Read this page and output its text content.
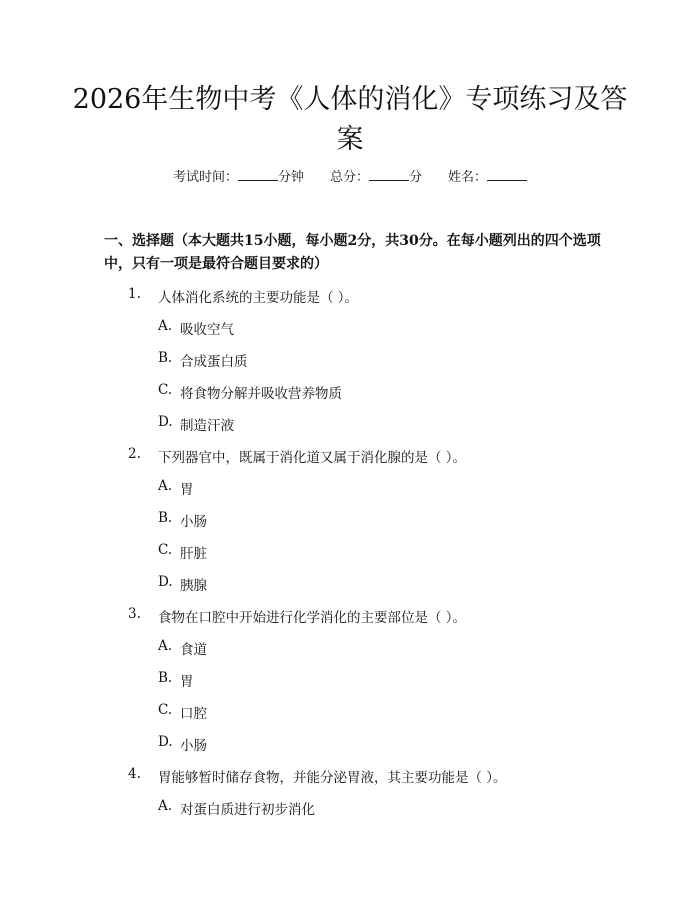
2026年生物中考《人体的消化》专项练习及答案
考试时间：	分钟 总分：	分 姓名：

一、选择题（本大题共15小题，每小题2分，共30分。在每小题列出的四个选项中，只有一项是最符合题目要求的）

1. 人体消化系统的主要功能是（ ）。
A. 吸收空气
B. 合成蛋白质
C. 将食物分解并吸收营养物质
D. 制造汗液
2. 下列器官中，既属于消化道又属于消化腺的是（ ）。
A. 胃
B. 小肠
C. 肝脏
D. 胰腺
3. 食物在口腔中开始进行化学消化的主要部位是（ ）。
A. 食道
B. 胃
C. 口腔
D. 小肠
4. 胃能够暂时储存食物，并能分泌胃液，其主要功能是（ ）。
A. 对蛋白质进行初步消化
